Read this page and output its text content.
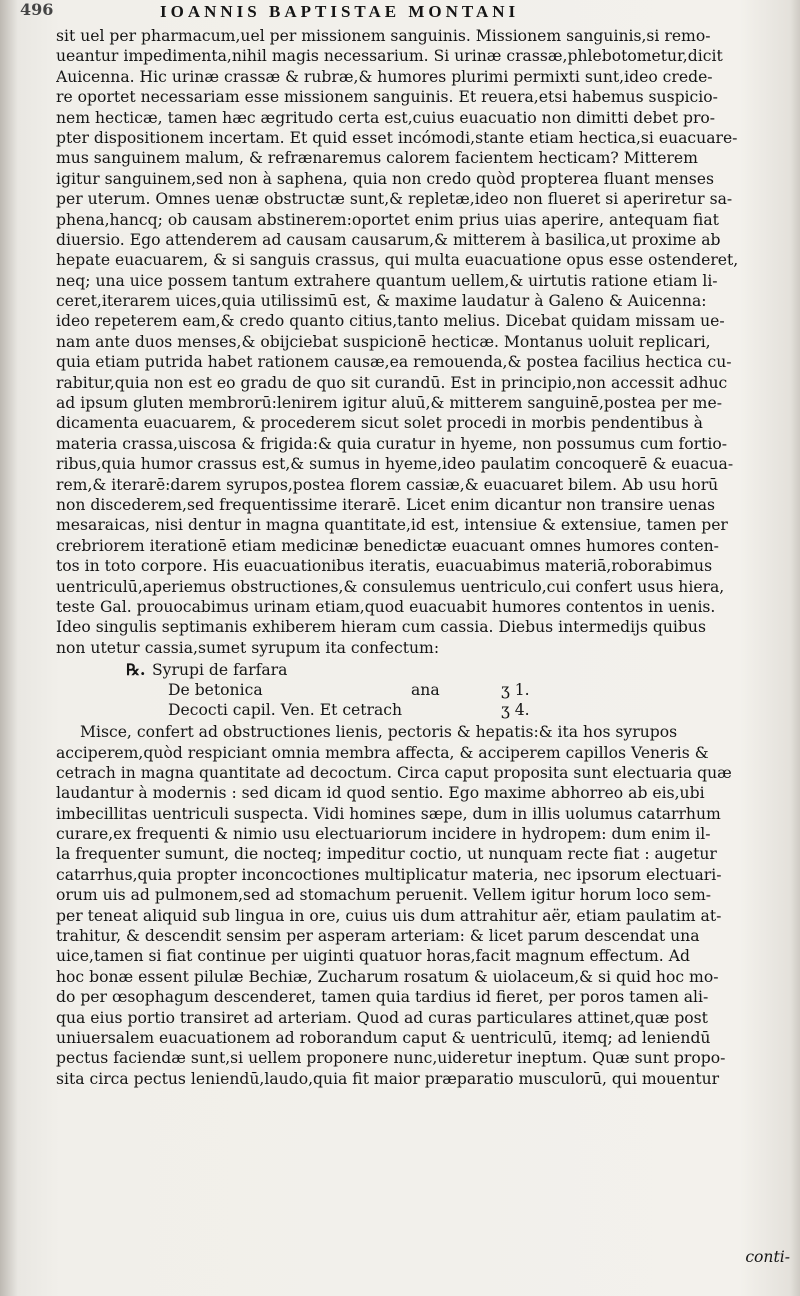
496	IOANNIS BAPTISTAE MONTANI
sit uel per pharmacum,uel per missionem sanguinis. Missionem sanguinis,si remo-
ueantur impedimenta,nihil magis necessarium. Si urinæ crassæ,phlebotometur,dicit
Auicenna. Hic urinæ crassæ & rubræ,& humores plurimi permixti sunt,ideo crede-
re oportet necessariam esse missionem sanguinis. Et reuera,etsi habemus suspicio-
nem hecticæ, tamen hæc ægritudo certa est,cuius euacuatio non dimitti debet pro-
pter dispositionem incertam. Et quid esset incómodi,stante etiam hectica,si euacuare-
mus sanguinem malum, & refrænaremus calorem facientem hecticam? Mitterem
igitur sanguinem,sed non à saphena, quia non credo quòd propterea fluant menses
per uterum. Omnes uenæ obstructæ sunt,& repletæ,ideo non flueret si aperiretur sa-
phena,hancq; ob causam abstinerem:oportet enim prius uias aperire, antequam fiat
diuersio. Ego attenderem ad causam causarum,& mitterem à basilica,ut proxime ab
hepate euacuarem, & si sanguis crassus, qui multa euacuatione opus esse ostenderet,
neq; una uice possem tantum extrahere quantum uellem,& uirtutis ratione etiam li-
ceret,iterarem uices,quia utilissimū est, & maxime laudatur à Galeno & Auicenna:
ideo repeterem eam,& credo quanto citius,tanto melius. Dicebat quidam missam ue-
nam ante duos menses,& obijciebat suspicionē hecticæ. Montanus uoluit replicari,
quia etiam putrida habet rationem causæ,ea remouenda,& postea facilius hectica cu-
rabitur,quia non est eo gradu de quo sit curandū. Est in principio,non accessit adhuc
ad ipsum gluten membrorū:lenirem igitur aluū,& mitterem sanguinē,postea per me-
dicamenta euacuarem, & procederem sicut solet procedi in morbis pendentibus à
materia crassa,uiscosa & frigida:& quia curatur in hyeme, non possumus cum fortio-
ribus,quia humor crassus est,& sumus in hyeme,ideo paulatim concoquerē & euacua-
rem,& iterarē:darem syrupos,postea florem cassiæ,& euacuaret bilem. Ab usu horū
non discederem,sed frequentissime iterarē. Licet enim dicantur non transire uenas
mesaraicas, nisi dentur in magna quantitate,id est, intensiue & extensiue, tamen per
crebriorem iterationē etiam medicinæ benedictæ euacuant omnes humores conten-
tos in toto corpore. His euacuationibus iteratis, euacuabimus materiā,roborabimus
uentriculū,aperiemus obstructiones,& consulemus uentriculo,cui confert usus hiera,
teste Gal. prouocabimus urinam etiam,quod euacuabit humores contentos in uenis.
Ideo singulis septimanis exhiberem hieram cum cassia. Diebus intermedijs quibus
non utetur cassia,sumet syrupum ita confectum:
℞. Syrupi de farfara
De betonica	ana	ʒ 1.
Decocti capil. Ven. Et cetrach	ʒ 4.
Misce, confert ad obstructiones lienis, pectoris & hepatis:& ita hos syrupos
acciperem,quòd respiciant omnia membra affecta, & acciperem capillos Veneris &
cetrach in magna quantitate ad decoctum. Circa caput proposita sunt electuaria quæ
laudantur à modernis : sed dicam id quod sentio. Ego maxime abhorreo ab eis,ubi
imbecillitas uentriculi suspecta. Vidi homines sæpe, dum in illis uolumus catarrhum
curare,ex frequenti & nimio usu electuariorum incidere in hydropem: dum enim il-
la frequenter sumunt, die nocteq; impeditur coctio, ut nunquam recte fiat : augetur
catarrhus,quia propter inconcoctiones multiplicatur materia, nec ipsorum electuari-
orum uis ad pulmonem,sed ad stomachum peruenit. Vellem igitur horum loco sem-
per teneat aliquid sub lingua in ore, cuius uis dum attrahitur aër, etiam paulatim at-
trahitur, & descendit sensim per asperam arteriam: & licet parum descendat una
uice,tamen si fiat continue per uiginti quatuor horas,facit magnum effectum. Ad
hoc bonæ essent pilulæ Bechiæ, Zucharum rosatum & uiolaceum,& si quid hoc mo-
do per œsophagum descenderet, tamen quia tardius id fieret, per poros tamen ali-
qua eius portio transiret ad arteriam. Quod ad curas particulares attinet,quæ post
uniuersalem euacuationem ad roborandum caput & uentriculū, itemq; ad leniendū
pectus faciendæ sunt,si uellem proponere nunc,uideretur ineptum. Quæ sunt propo-
sita circa pectus leniendū,laudo,quia fit maior præparatio musculorū, qui mouentur
conti-
